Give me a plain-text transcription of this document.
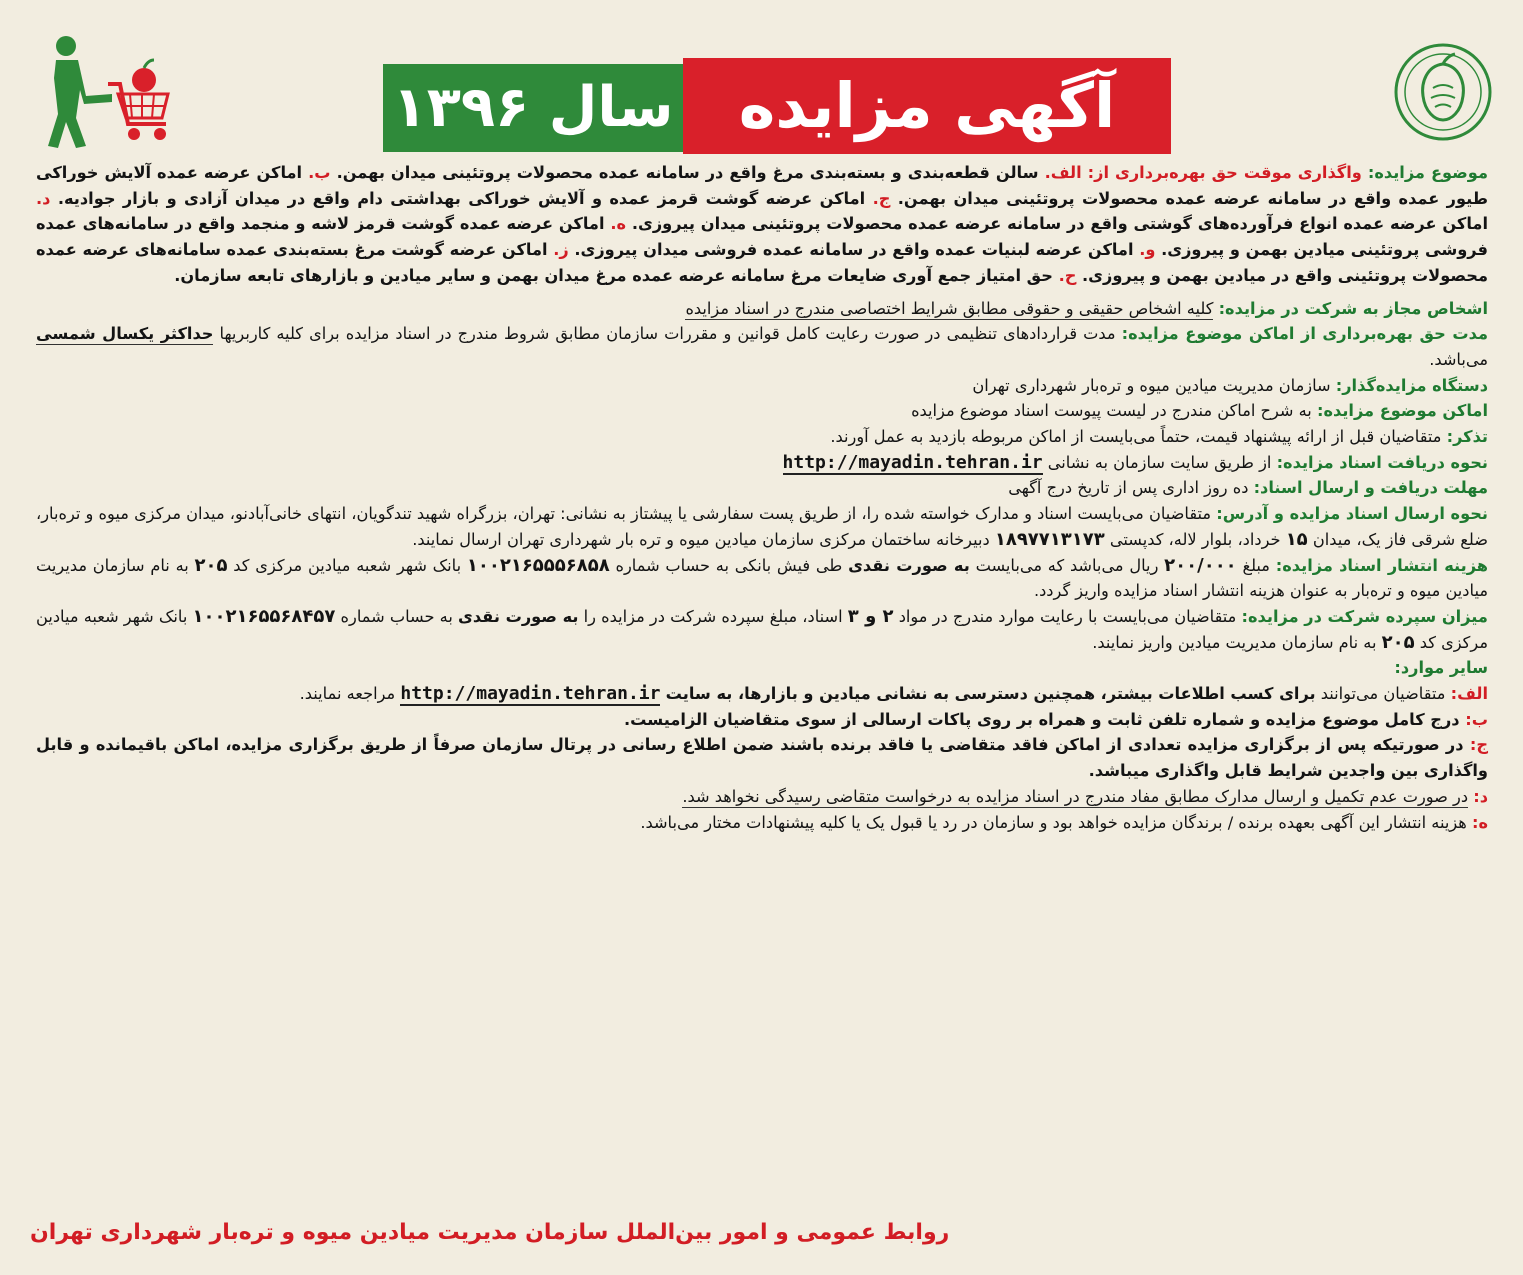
آگهی مزایده
سال ۱۳۹۶

موضوع مزایده: واگذاری موقت حق بهره‌برداری از: الف. سالن قطعه‌بندی و بسته‌بندی مرغ واقع در سامانه عمده محصولات پروتئینی میدان بهمن. ب. اماکن عرضه عمده آلایش خوراکی طیور عمده واقع در سامانه عرضه عمده محصولات پروتئینی میدان بهمن. ج. اماکن عرضه گوشت قرمز عمده و آلایش خوراکی بهداشتی دام واقع در میدان آزادی و بازار جوادیه. د. اماکن عرضه عمده انواع فرآورده‌های گوشتی واقع در سامانه عرضه عمده محصولات پروتئینی میدان پیروزی. ه. اماکن عرضه عمده گوشت قرمز لاشه و منجمد واقع در سامانه‌های عمده فروشی پروتئینی میادین بهمن و پیروزی. و. اماکن عرضه لبنیات عمده واقع در سامانه عمده فروشی میدان پیروزی. ز. اماکن عرضه گوشت مرغ بسته‌بندی عمده سامانه‌های عرضه عمده محصولات پروتئینی واقع در میادین بهمن و پیروزی. ح. حق امتیاز جمع آوری ضایعات مرغ سامانه عرضه عمده مرغ میدان بهمن و سایر میادین و بازارهای تابعه سازمان.

اشخاص مجاز به شرکت در مزایده: کلیه اشخاص حقیقی و حقوقی مطابق شرایط اختصاصی مندرج در اسناد مزایده

مدت حق بهره‌برداری از اماکن موضوع مزایده: مدت قراردادهای تنظیمی در صورت رعایت کامل قوانین و مقررات سازمان مطابق شروط مندرج در اسناد مزایده برای کلیه کاربریها حداکثر یکسال شمسی می‌باشد.

دستگاه مزایده‌گذار: سازمان مدیریت میادین میوه و تره‌بار شهرداری تهران

اماکن موضوع مزایده: به شرح اماکن مندرج در لیست پیوست اسناد موضوع مزایده

تذکر: متقاضیان قبل از ارائه پیشنهاد قیمت، حتماً می‌بایست از اماکن مربوطه بازدید به عمل آورند.

نحوه دریافت اسناد مزایده: از طریق سایت سازمان به نشانی http://mayadin.tehran.ir

مهلت دریافت و ارسال اسناد: ده روز اداری پس از تاریخ درج آگهی

نحوه ارسال اسناد مزایده و آدرس: متقاضیان می‌بایست اسناد و مدارک خواسته شده را، از طریق پست سفارشی یا پیشتاز به نشانی: تهران، بزرگراه شهید تندگویان، انتهای خانی‌آبادنو، میدان مرکزی میوه و تره‌بار، ضلع شرقی فاز یک، میدان ۱۵ خرداد، بلوار لاله، کدپستی ۱۸۹۷۷۱۳۱۷۳ دبیرخانه ساختمان مرکزی سازمان میادین میوه و تره بار شهرداری تهران ارسال نمایند.

هزینه انتشار اسناد مزایده: مبلغ ۲۰۰/۰۰۰ ریال می‌باشد که می‌بایست به صورت نقدی طی فیش بانکی به حساب شماره ۱۰۰۲۱۶۵۵۵۶۸۵۸ بانک شهر شعبه میادین مرکزی کد ۲۰۵ به نام سازمان مدیریت میادین میوه و تره‌بار به عنوان هزینه انتشار اسناد مزایده واریز گردد.

میزان سپرده شرکت در مزایده: متقاضیان می‌بایست با رعایت موارد مندرج در مواد ۲ و ۳ اسناد، مبلغ سپرده شرکت در مزایده را به صورت نقدی به حساب شماره ۱۰۰۲۱۶۵۵۶۸۴۵۷ بانک شهر شعبه میادین مرکزی کد ۲۰۵ به نام سازمان مدیریت میادین واریز نمایند.

سایر موارد:

الف: متقاضیان می‌توانند برای کسب اطلاعات بیشتر، همچنین دسترسی به نشانی میادین و بازارها، به سایت http://mayadin.tehran.ir مراجعه نمایند.

ب: درج کامل موضوع مزایده و شماره تلفن ثابت و همراه بر روی پاکات ارسالی از سوی متقاضیان الزامیست.

ج: در صورتیکه پس از برگزاری مزایده تعدادی از اماکن فاقد متقاضی یا فاقد برنده باشند ضمن اطلاع رسانی در پرتال سازمان صرفاً از طریق برگزاری مزایده، اماکن باقیمانده و قابل واگذاری بین واجدین شرایط قابل واگذاری میباشد.

د: در صورت عدم تکمیل و ارسال مدارک مطابق مفاد مندرج در اسناد مزایده به درخواست متقاضی رسیدگی نخواهد شد.

ه: هزینه انتشار این آگهی بعهده برنده / برندگان مزایده خواهد بود و سازمان در رد یا قبول یک یا کلیه پیشنهادات مختار می‌باشد.

روابط عمومی و امور بین‌الملل سازمان مدیریت میادین میوه و تره‌بار شهرداری تهران
